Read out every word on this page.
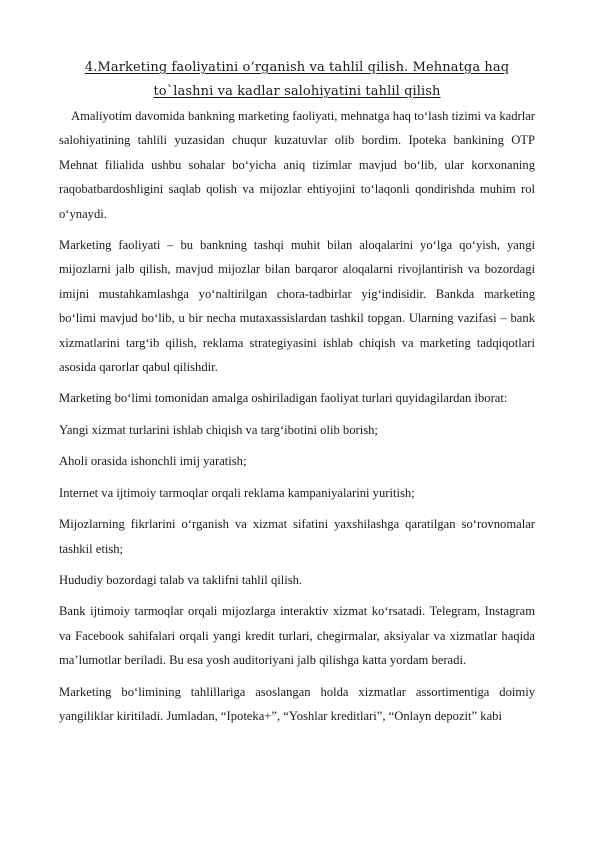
4.Marketing faoliyatini o‘rganish va tahlil qilish. Mehnatga haq
to`lashni va kadlar salohiyatini tahlil qilish

Amaliyotim davomida bankning marketing faoliyati, mehnatga haq to‘lash tizimi va kadrlar salohiyatining tahlili yuzasidan chuqur kuzatuvlar olib bordim. Ipoteka bankining OTP Mehnat filialida ushbu sohalar bo‘yicha aniq tizimlar mavjud bo‘lib, ular korxonaning raqobatbardoshligini saqlab qolish va mijozlar ehtiyojini to‘laqonli qondirishda muhim rol o‘ynaydi.

Marketing faoliyati – bu bankning tashqi muhit bilan aloqalarini yo‘lga qo‘yish, yangi mijozlarni jalb qilish, mavjud mijozlar bilan barqaror aloqalarni rivojlantirish va bozordagi imijni mustahkamlashga yo‘naltirilgan chora-tadbirlar yig‘indisidir. Bankda marketing bo‘limi mavjud bo‘lib, u bir necha mutaxassislardan tashkil topgan. Ularning vazifasi – bank xizmatlarini targ‘ib qilish, reklama strategiyasini ishlab chiqish va marketing tadqiqotlari asosida qarorlar qabul qilishdir.

Marketing bo‘limi tomonidan amalga oshiriladigan faoliyat turlari quyidagilardan iborat:

Yangi xizmat turlarini ishlab chiqish va targ‘ibotini olib borish;

Aholi orasida ishonchli imij yaratish;

Internet va ijtimoiy tarmoqlar orqali reklama kampaniyalarini yuritish;

Mijozlarning fikrlarini o‘rganish va xizmat sifatini yaxshilashga qaratilgan so‘rovnomalar tashkil etish;

Hududiy bozordagi talab va taklifni tahlil qilish.

Bank ijtimoiy tarmoqlar orqali mijozlarga interaktiv xizmat ko‘rsatadi. Telegram, Instagram va Facebook sahifalari orqali yangi kredit turlari, chegirmalar, aksiyalar va xizmatlar haqida ma’lumotlar beriladi. Bu esa yosh auditoriyani jalb qilishga katta yordam beradi.

Marketing bo‘limining tahlillariga asoslangan holda xizmatlar assortimentiga doimiy yangiliklar kiritiladi. Jumladan, “Ipoteka+”, “Yoshlar kreditlari”, “Onlayn depozit” kabi
